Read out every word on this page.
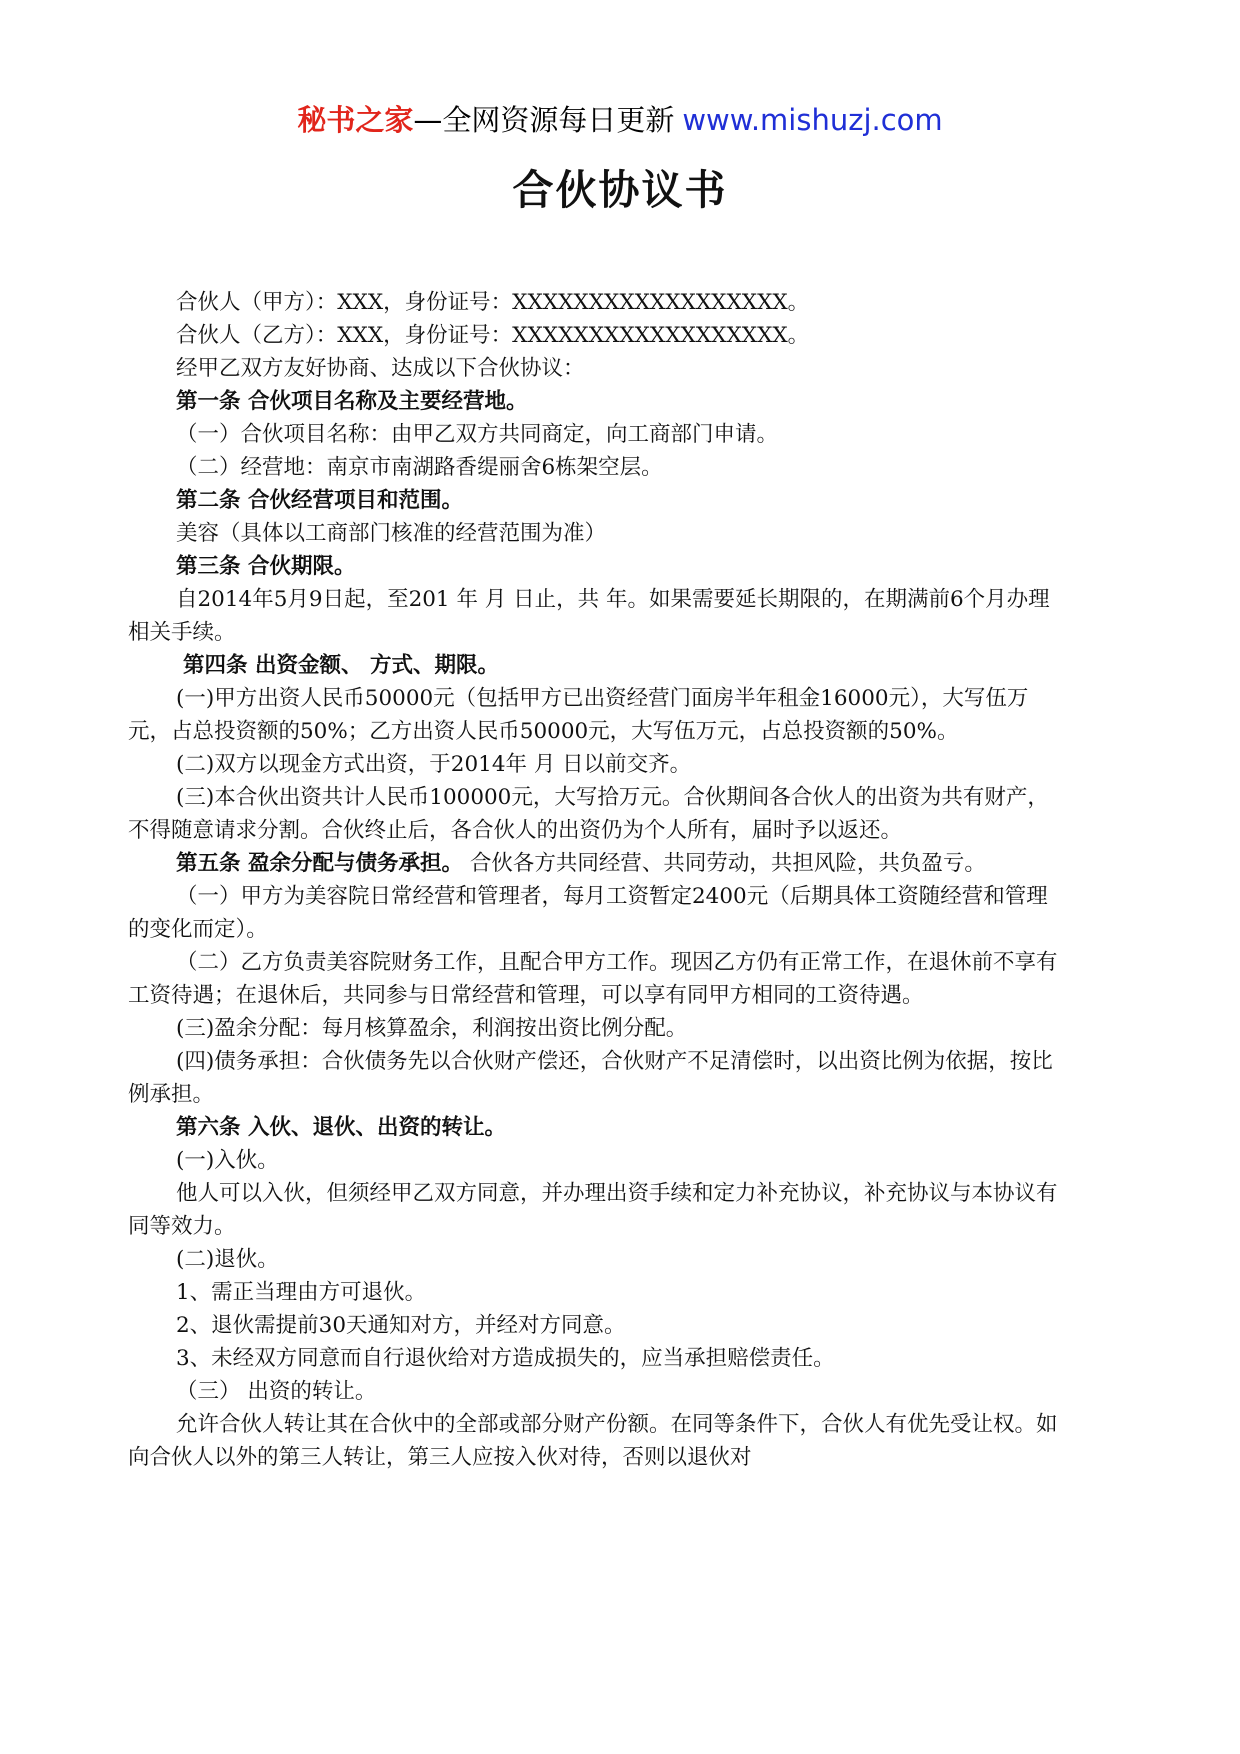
秘书之家—全网资源每日更新 www.mishuzj.com
合伙协议书

合伙人（甲方）：XXX，身份证号：XXXXXXXXXXXXXXXXXX。

合伙人（乙方）：XXX，身份证号：XXXXXXXXXXXXXXXXXX。

经甲乙双方友好协商、达成以下合伙协议：

第一条 合伙项目名称及主要经营地。

（一）合伙项目名称：由甲乙双方共同商定，向工商部门申请。

（二）经营地：南京市南湖路香缇丽舍6栋架空层。

第二条 合伙经营项目和范围。

美容（具体以工商部门核准的经营范围为准）

第三条 合伙期限。

自2014年5月9日起，至201 年 月 日止，共 年。如果需要延长期限的，在期满前6个月办理相关手续。

第四条 出资金额、 方式、期限。

(一)甲方出资人民币50000元（包括甲方已出资经营门面房半年租金16000元），大写伍万元，占总投资额的50%；乙方出资人民币50000元，大写伍万元，占总投资额的50%。

(二)双方以现金方式出资，于2014年 月 日以前交齐。

(三)本合伙出资共计人民币100000元，大写拾万元。合伙期间各合伙人的出资为共有财产，不得随意请求分割。合伙终止后，各合伙人的出资仍为个人所有，届时予以返还。

第五条 盈余分配与债务承担。 合伙各方共同经营、共同劳动，共担风险，共负盈亏。

（一）甲方为美容院日常经营和管理者，每月工资暂定2400元（后期具体工资随经营和管理的变化而定）。

（二）乙方负责美容院财务工作，且配合甲方工作。现因乙方仍有正常工作，在退休前不享有工资待遇；在退休后，共同参与日常经营和管理，可以享有同甲方相同的工资待遇。

(三)盈余分配：每月核算盈余，利润按出资比例分配。

(四)债务承担：合伙债务先以合伙财产偿还，合伙财产不足清偿时，以出资比例为依据，按比例承担。

第六条 入伙、退伙、出资的转让。

(一)入伙。

他人可以入伙，但须经甲乙双方同意，并办理出资手续和定力补充协议，补充协议与本协议有同等效力。

(二)退伙。

1、需正当理由方可退伙。

2、退伙需提前30天通知对方，并经对方同意。

3、未经双方同意而自行退伙给对方造成损失的，应当承担赔偿责任。

（三） 出资的转让。

允许合伙人转让其在合伙中的全部或部分财产份额。在同等条件下，合伙人有优先受让权。如向合伙人以外的第三人转让，第三人应按入伙对待，否则以退伙对
